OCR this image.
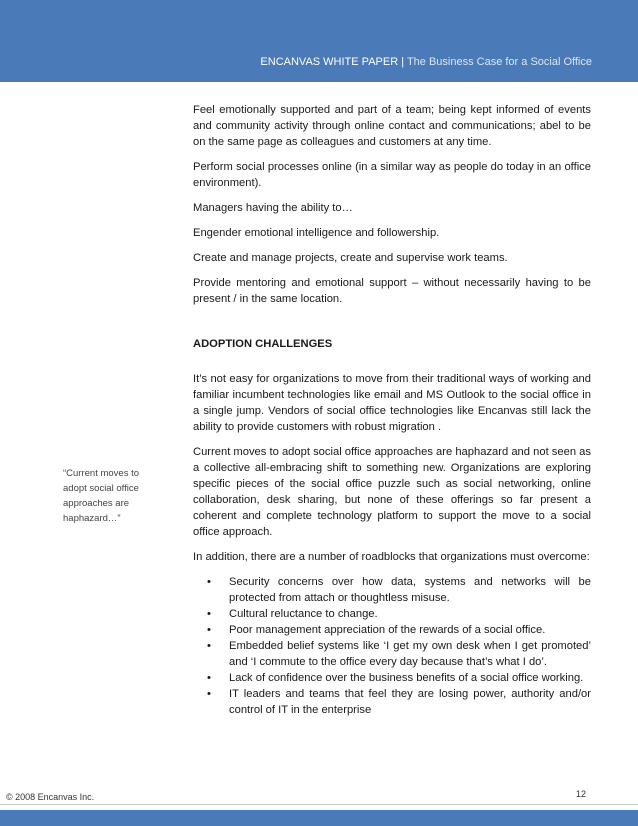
ENCANVAS WHITE PAPER | The Business Case for a Social Office

Feel emotionally supported and part of a team; being kept informed of events and community activity through online contact and communications; abel to be on the same page as colleagues and customers at any time.

Perform social processes online (in a similar way as people do today in an office environment).

Managers having the ability to…

Engender emotional intelligence and followership.

Create and manage projects, create and supervise work teams.

Provide mentoring and emotional support – without necessarily having to be present / in the same location.

ADOPTION CHALLENGES

It’s not easy for organizations to move from their traditional ways of working and familiar incumbent technologies like email and MS Outlook to the social office in a single jump. Vendors of social office technologies like Encanvas still lack the ability to provide customers with robust migration .

Current moves to adopt social office approaches are haphazard and not seen as a collective all-embracing shift to something new. Organizations are exploring specific pieces of the social office puzzle such as social networking, online collaboration, desk sharing, but none of these offerings so far present a coherent and complete technology platform to support the move to a social office approach.

In addition, there are a number of roadblocks that organizations must overcome:

• Security concerns over how data, systems and networks will be protected from attach or thoughtless misuse.
• Cultural reluctance to change.
• Poor management appreciation of the rewards of a social office.
• Embedded belief systems like ‘I get my own desk when I get promoted’ and ‘I commute to the office every day because that’s what I do’.
• Lack of confidence over the business benefits of a social office working.
• IT leaders and teams that feel they are losing power, authority and/or control of IT in the enterprise
“Current moves to adopt social office approaches are haphazard…”
© 2008 Encanvas Inc.	12
